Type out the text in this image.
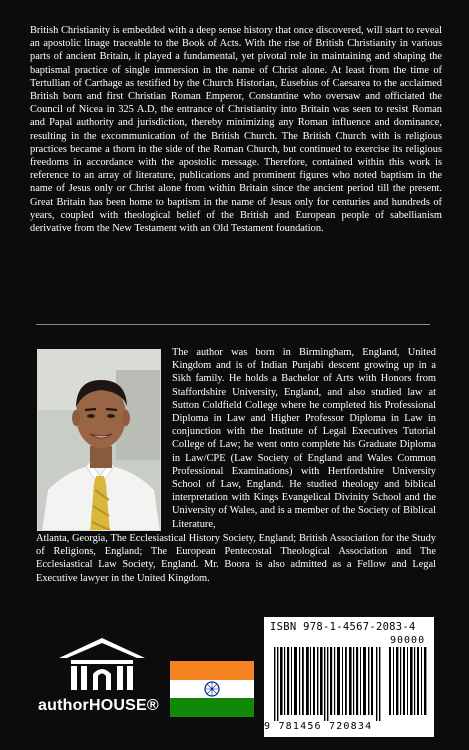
British Christianity is embedded with a deep sense history that once discovered, will start to reveal an apostolic linage traceable to the Book of Acts. With the rise of British Christianity in various parts of ancient Britain, it played a fundamental, yet pivotal role in maintaining and shaping the baptismal practice of single immersion in the name of Christ alone. At least from the time of Tertullian of Carthage as testified by the Church Historian, Eusebius of Caesarea to the acclaimed British born and first Christian Roman Emperor, Constantine who oversaw and officiated the Council of Nicea in 325 A.D, the entrance of Christianity into Britain was seen to resist Roman and Papal authority and jurisdiction, thereby minimizing any Roman influence and dominance, resulting in the excommunication of the British Church. The British Church with is religious practices became a thorn in the side of the Roman Church, but continued to exercise its religious freedoms in accordance with the apostolic message. Therefore, contained within this work is reference to an array of literature, publications and prominent figures who noted baptism in the name of Jesus only or Christ alone from within Britain since the ancient period till the present. Great Britain has been home to baptism in the name of Jesus only for centuries and hundreds of years, coupled with theological belief of the British and European people of sabellianism derivative from the New Testament with an Old Testament foundation.

The author was born in Birmingham, England, United Kingdom and is of Indian Punjabi descent growing up in a Sikh family. He holds a Bachelor of Arts with Honors from Staffordshire University, England, and also studied law at Sutton Coldfield College where he completed his Professional Diploma in Law and Higher Professor Diploma in Law in conjunction with the Institute of Legal Executives Tutorial College of Law; he went onto complete his Graduate Diploma in Law/CPE (Law Society of England and Wales Common Professional Examinations) with Hertfordshire University School of Law, England. He studied theology and biblical interpretation with Kings Evangelical Divinity School and the University of Wales, and is a member of the Society of Biblical Literature,

Atlanta, Georgia, The Ecclesiastical History Society, England; British Association for the Study of Religions, England; The European Pentecostal Theological Association and The Ecclesiastical Law Society, England. Mr. Boora is also admitted as a Fellow and Legal Executive lawyer in the United Kingdom.

authorHOUSE®
ISBN 978-1-4567-2083-4
90000
9 781456 720834
